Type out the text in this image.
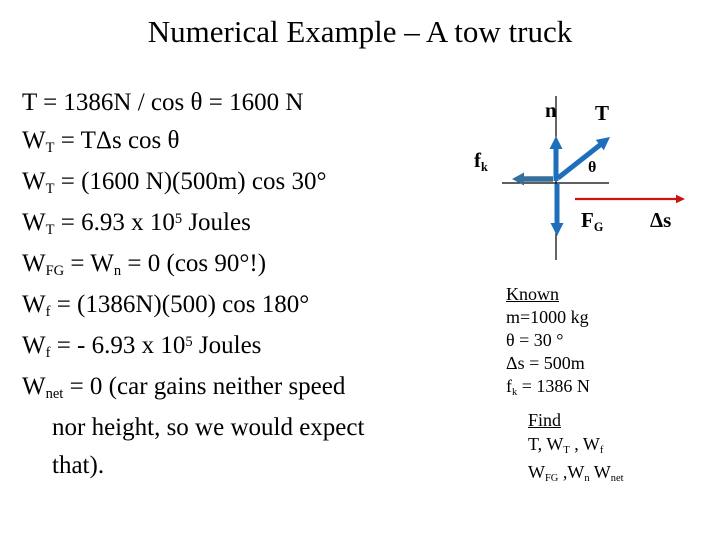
Numerical Example – A tow truck
T = 1386N / cos θ = 1600 N
$W_T = T\Delta s$ cos θ
$W_T = (1600$ N)(500m) cos 30°
$W_T = 6.93$ x $10^5$ Joules
$W_{FG} = W_n = 0$ (cos 90°!)
$W_f = (1386N)(500)$ cos 180°
$W_f$ = - 6.93 x $10^5$ Joules
$W_{net} = 0$ (car gains neither speed
nor height, so we would expect
that).
n T
$f_k$	θ
$F_G$ Δs
Known
m=1000 kg
θ = 30 °
Δs = 500m
$f_k = 1386$ N
Find
T, $W_T$ , $W_f$
$W_{FG}$ $,W_n$ $W_{net}$
